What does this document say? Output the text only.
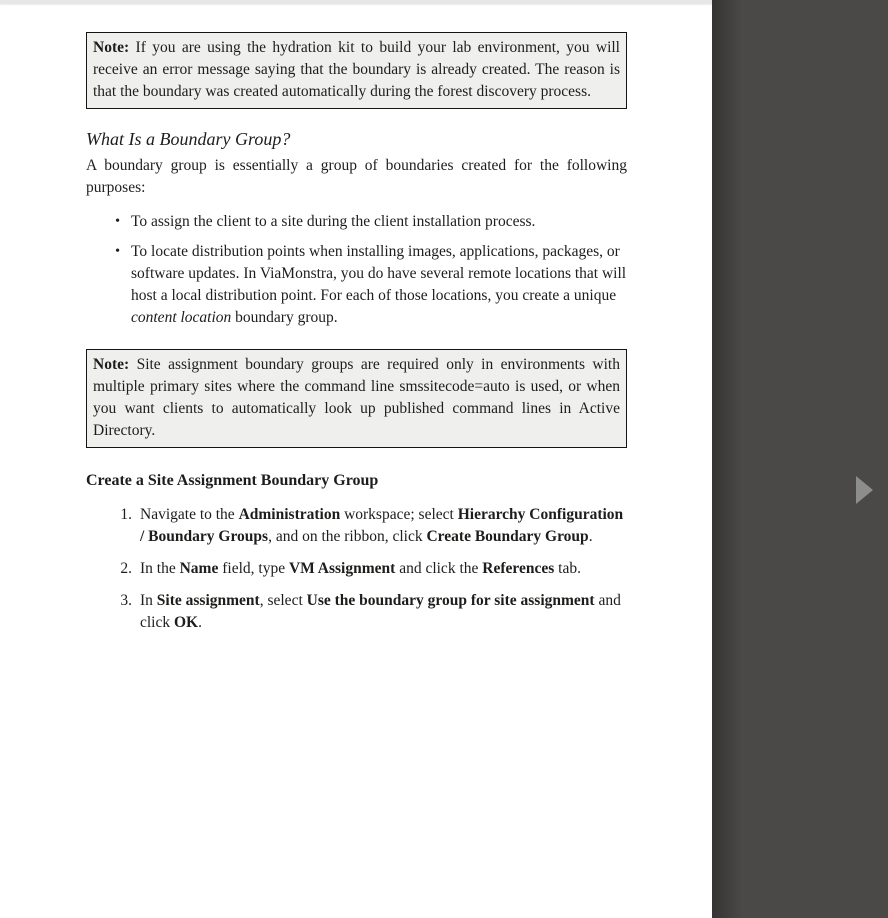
Note: If you are using the hydration kit to build your lab environment, you will receive an error message saying that the boundary is already created. The reason is that the boundary was created automatically during the forest discovery process.
What Is a Boundary Group?

A boundary group is essentially a group of boundaries created for the following purposes:

• To assign the client to a site during the client installation process.
• To locate distribution points when installing images, applications, packages, or software updates. In ViaMonstra, you do have several remote locations that will host a local distribution point. For each of those locations, you create a unique content location boundary group.
Note: Site assignment boundary groups are required only in environments with multiple primary sites where the command line smssitecode=auto is used, or when you want clients to automatically look up published command lines in Active Directory.
Create a Site Assignment Boundary Group
1. Navigate to the Administration workspace; select Hierarchy Configuration / Boundary Groups, and on the ribbon, click Create Boundary Group.
2. In the Name field, type VM Assignment and click the References tab.
3. In Site assignment, select Use the boundary group for site assignment and click OK.
